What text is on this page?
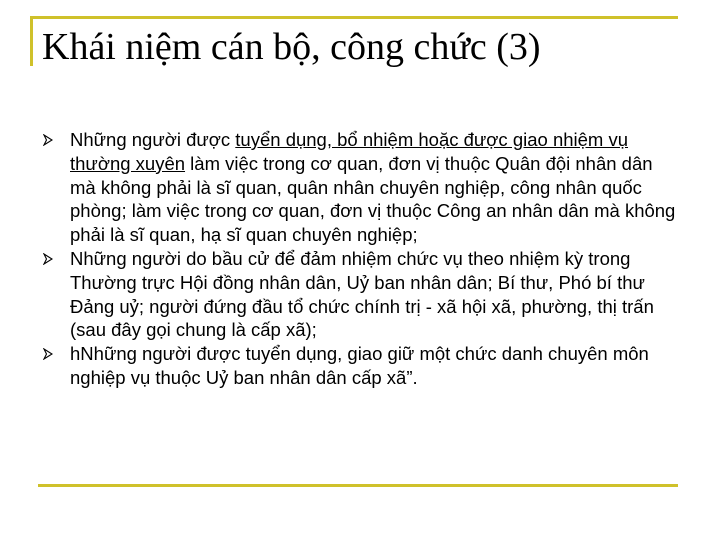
Khái niệm cán bộ, công chức (3)
Những người được tuyển dụng, bổ nhiệm hoặc được giao nhiệm vụ thường xuyên làm việc trong cơ quan, đơn vị thuộc Quân đội nhân dân mà không phải là sĩ quan, quân nhân chuyên nghiệp, công nhân quốc phòng; làm việc trong cơ quan, đơn vị thuộc Công an nhân dân mà không phải là sĩ quan, hạ sĩ quan chuyên nghiệp;
Những người do bầu cử để đảm nhiệm chức vụ theo nhiệm kỳ trong Thường trực Hội đồng nhân dân, Uỷ ban nhân dân; Bí thư, Phó bí thư Đảng uỷ; người đứng đầu tổ chức chính trị - xã hội xã, phường, thị trấn (sau đây gọi chung là cấp xã);
hNhững người được tuyển dụng, giao giữ một chức danh chuyên môn nghiệp vụ thuộc Uỷ ban nhân dân cấp xã”.
